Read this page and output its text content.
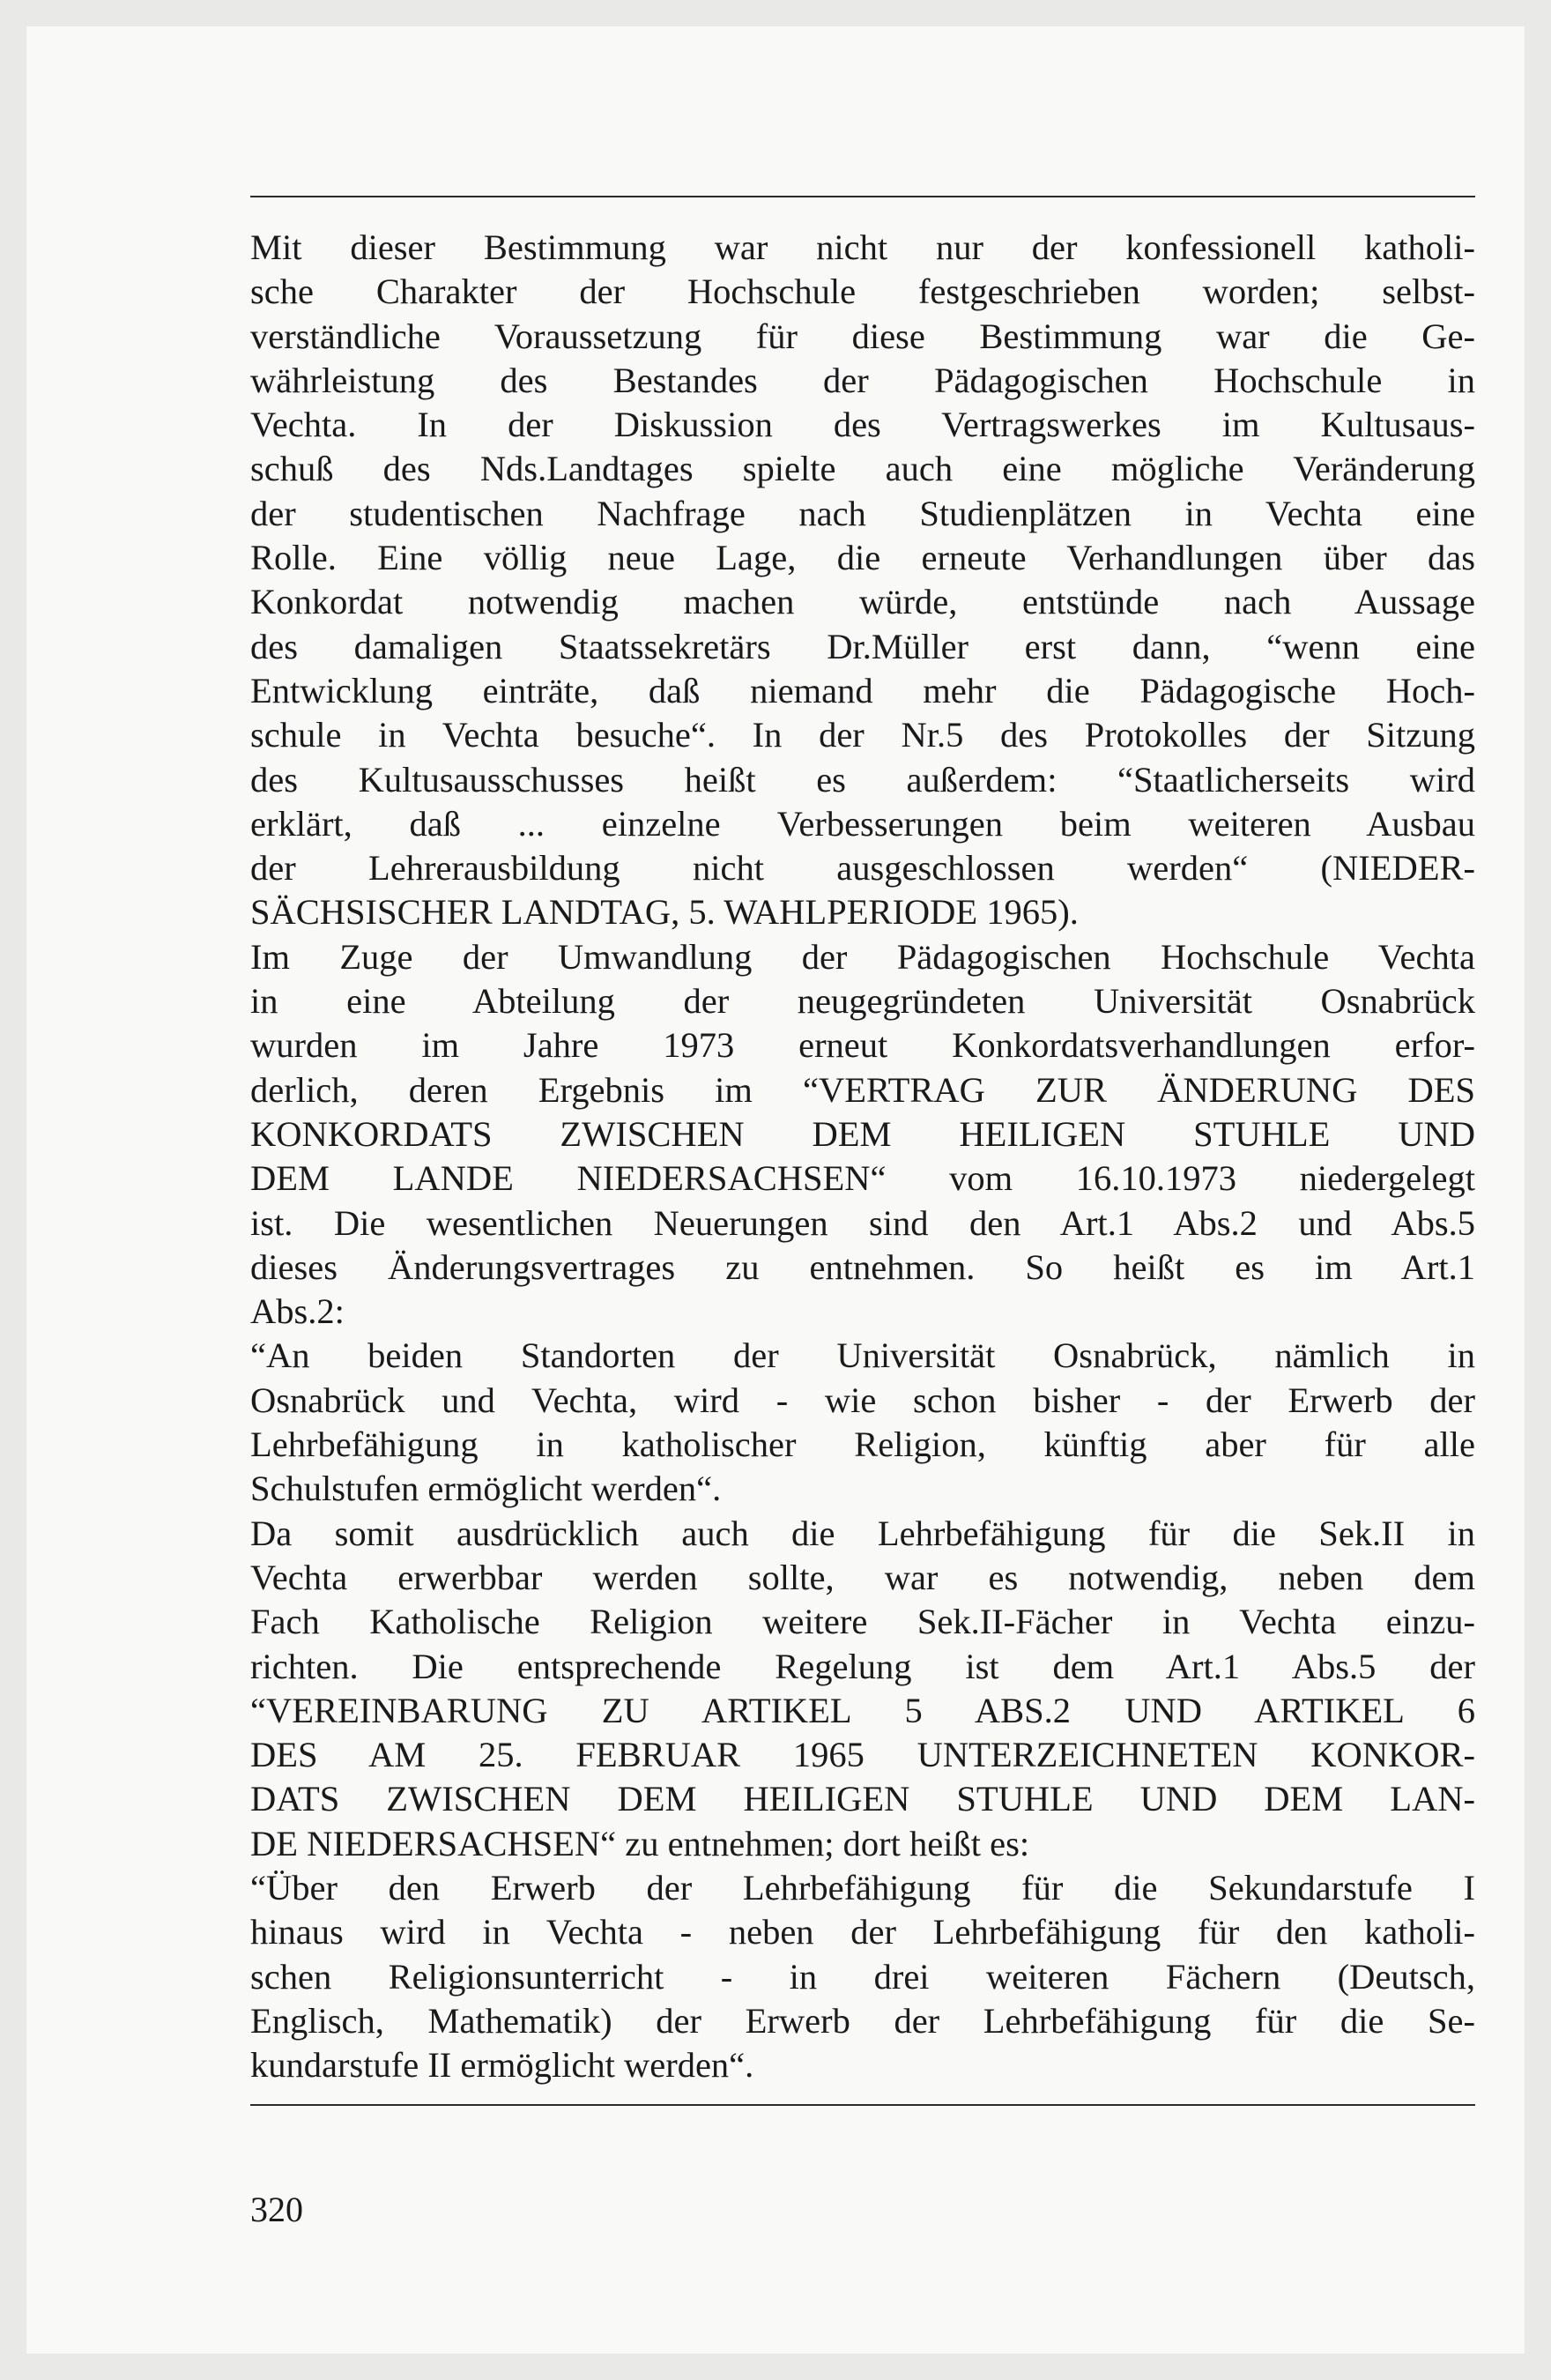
Mit dieser Bestimmung war nicht nur der konfessionell katholi-
sche Charakter der Hochschule festgeschrieben worden; selbst-
verständliche Voraussetzung für diese Bestimmung war die Ge-
währleistung des Bestandes der Pädagogischen Hochschule in
Vechta. In der Diskussion des Vertragswerkes im Kultusaus-
schuß des Nds.Landtages spielte auch eine mögliche Veränderung
der studentischen Nachfrage nach Studienplätzen in Vechta eine
Rolle. Eine völlig neue Lage, die erneute Verhandlungen über das
Konkordat notwendig machen würde, entstünde nach Aussage
des damaligen Staatssekretärs Dr.Müller erst dann, “wenn eine
Entwicklung einträte, daß niemand mehr die Pädagogische Hoch-
schule in Vechta besuche“. In der Nr.5 des Protokolles der Sitzung
des Kultusausschusses heißt es außerdem: “Staatlicherseits wird
erklärt, daß ... einzelne Verbesserungen beim weiteren Ausbau
der Lehrerausbildung nicht ausgeschlossen werden“ (NIEDER-
SÄCHSISCHER LANDTAG, 5. WAHLPERIODE 1965).
Im Zuge der Umwandlung der Pädagogischen Hochschule Vechta
in eine Abteilung der neugegründeten Universität Osnabrück
wurden im Jahre 1973 erneut Konkordatsverhandlungen erfor-
derlich, deren Ergebnis im “VERTRAG ZUR ÄNDERUNG DES
KONKORDATS ZWISCHEN DEM HEILIGEN STUHLE UND
DEM LANDE NIEDERSACHSEN“ vom 16.10.1973 niedergelegt
ist. Die wesentlichen Neuerungen sind den Art.1 Abs.2 und Abs.5
dieses Änderungsvertrages zu entnehmen. So heißt es im Art.1
Abs.2:
“An beiden Standorten der Universität Osnabrück, nämlich in
Osnabrück und Vechta, wird - wie schon bisher - der Erwerb der
Lehrbefähigung in katholischer Religion, künftig aber für alle
Schulstufen ermöglicht werden“.
Da somit ausdrücklich auch die Lehrbefähigung für die Sek.II in
Vechta erwerbbar werden sollte, war es notwendig, neben dem
Fach Katholische Religion weitere Sek.II-Fächer in Vechta einzu-
richten. Die entsprechende Regelung ist dem Art.1 Abs.5 der
“VEREINBARUNG ZU ARTIKEL 5 ABS.2 UND ARTIKEL 6
DES AM 25. FEBRUAR 1965 UNTERZEICHNETEN KONKOR-
DATS ZWISCHEN DEM HEILIGEN STUHLE UND DEM LAN-
DE NIEDERSACHSEN“ zu entnehmen; dort heißt es:
“Über den Erwerb der Lehrbefähigung für die Sekundarstufe I
hinaus wird in Vechta - neben der Lehrbefähigung für den katholi-
schen Religionsunterricht - in drei weiteren Fächern (Deutsch,
Englisch, Mathematik) der Erwerb der Lehrbefähigung für die Se-
kundarstufe II ermöglicht werden“.
320
